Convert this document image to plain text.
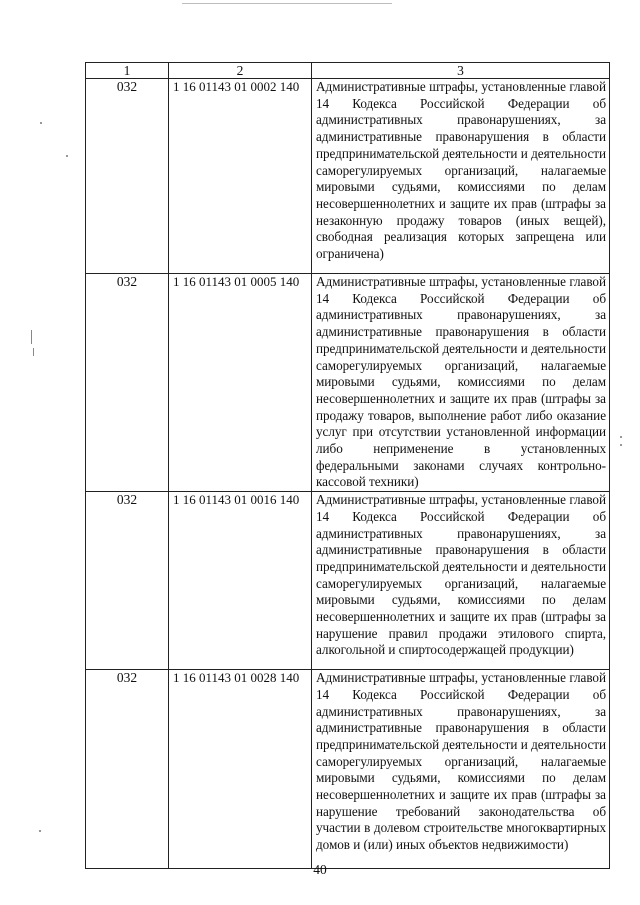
1	2	3
032	1 16 01143 01 0002 140	Административные штрафы, установленные главой 14 Кодекса Российской Федерации об административных правонарушениях, за административные правонарушения в области предпринимательской деятельности и деятельности саморегулируемых организаций, налагаемые мировыми судьями, комиссиями по делам несовершеннолетних и защите их прав (штрафы за незаконную продажу товаров (иных вещей), свободная реализация которых запрещена или ограничена)
032	1 16 01143 01 0005 140	Административные штрафы, установленные главой 14 Кодекса Российской Федерации об административных правонарушениях, за административные правонарушения в области предпринимательской деятельности и деятельности саморегулируемых организаций, налагаемые мировыми судьями, комиссиями по делам несовершеннолетних и защите их прав (штрафы за продажу товаров, выполнение работ либо оказание услуг при отсутствии установленной информации либо неприменение в установленных федеральными законами случаях контрольно-кассовой техники)
032	1 16 01143 01 0016 140	Административные штрафы, установленные главой 14 Кодекса Российской Федерации об административных правонарушениях, за административные правонарушения в области предпринимательской деятельности и деятельности саморегулируемых организаций, налагаемые мировыми судьями, комиссиями по делам несовершеннолетних и защите их прав (штрафы за нарушение правил продажи этилового спирта, алкогольной и спиртосодержащей продукции)
032	1 16 01143 01 0028 140	Административные штрафы, установленные главой 14 Кодекса Российской Федерации об административных правонарушениях, за административные правонарушения в области предпринимательской деятельности и деятельности саморегулируемых организаций, налагаемые мировыми судьями, комиссиями по делам несовершеннолетних и защите их прав (штрафы за нарушение требований законодательства об участии в долевом строительстве многоквартирных домов и (или) иных объектов недвижимости)
40
